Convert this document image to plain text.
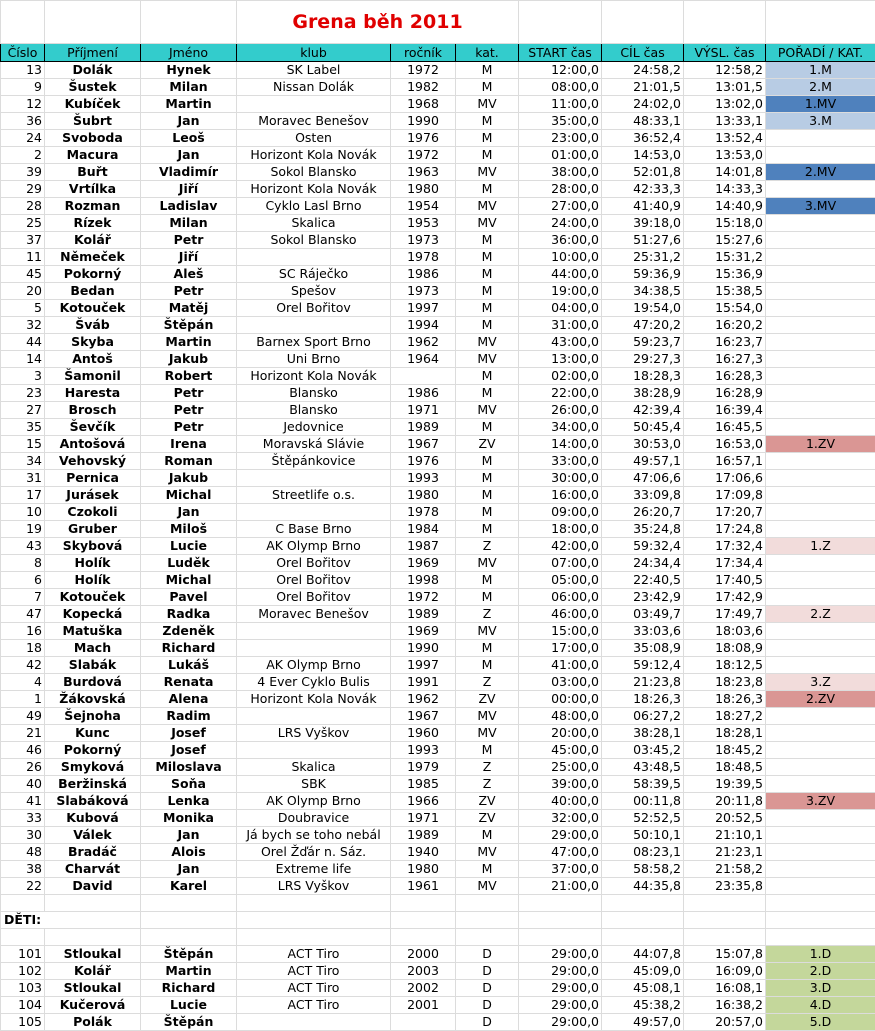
			Grena běh 2011						
Číslo	Příjmení	Jméno	klub	ročník	kat.	START čas	CÍL čas	VÝSL. čas	POŘADÍ / KAT.
13	Dolák	Hynek	SK Label	1972	M	12:00,0	24:58,2	12:58,2	1.M
9	Šustek	Milan	Nissan Dolák	1982	M	08:00,0	21:01,5	13:01,5	2.M
12	Kubíček	Martin		1968	MV	11:00,0	24:02,0	13:02,0	1.MV
36	Šubrt	Jan	Moravec Benešov	1990	M	35:00,0	48:33,1	13:33,1	3.M
24	Svoboda	Leoš	Osten	1976	M	23:00,0	36:52,4	13:52,4	
2	Macura	Jan	Horizont Kola Novák	1972	M	01:00,0	14:53,0	13:53,0	
39	Buřt	Vladimír	Sokol Blansko	1963	MV	38:00,0	52:01,8	14:01,8	2.MV
29	Vrtílka	Jiří	Horizont Kola Novák	1980	M	28:00,0	42:33,3	14:33,3	
28	Rozman	Ladislav	Cyklo Lasl Brno	1954	MV	27:00,0	41:40,9	14:40,9	3.MV
25	Rízek	Milan	Skalica	1953	MV	24:00,0	39:18,0	15:18,0	
37	Kolář	Petr	Sokol Blansko	1973	M	36:00,0	51:27,6	15:27,6	
11	Němeček	Jiří		1978	M	10:00,0	25:31,2	15:31,2	
45	Pokorný	Aleš	SC Ráječko	1986	M	44:00,0	59:36,9	15:36,9	
20	Bedan	Petr	Spešov	1973	M	19:00,0	34:38,5	15:38,5	
5	Kotouček	Matěj	Orel Bořitov	1997	M	04:00,0	19:54,0	15:54,0	
32	Šváb	Štěpán		1994	M	31:00,0	47:20,2	16:20,2	
44	Skyba	Martin	Barnex Sport Brno	1962	MV	43:00,0	59:23,7	16:23,7	
14	Antoš	Jakub	Uni Brno	1964	MV	13:00,0	29:27,3	16:27,3	
3	Šamonil	Robert	Horizont Kola Novák		M	02:00,0	18:28,3	16:28,3	
23	Haresta	Petr	Blansko	1986	M	22:00,0	38:28,9	16:28,9	
27	Brosch	Petr	Blansko	1971	MV	26:00,0	42:39,4	16:39,4	
35	Ševčík	Petr	Jedovnice	1989	M	34:00,0	50:45,4	16:45,5	
15	Antošová	Irena	Moravská Slávie	1967	ZV	14:00,0	30:53,0	16:53,0	1.ZV
34	Vehovský	Roman	Štěpánkovice	1976	M	33:00,0	49:57,1	16:57,1	
31	Pernica	Jakub		1993	M	30:00,0	47:06,6	17:06,6	
17	Jurásek	Michal	Streetlife o.s.	1980	M	16:00,0	33:09,8	17:09,8	
10	Czokoli	Jan		1978	M	09:00,0	26:20,7	17:20,7	
19	Gruber	Miloš	C Base Brno	1984	M	18:00,0	35:24,8	17:24,8	
43	Skybová	Lucie	AK Olymp Brno	1987	Z	42:00,0	59:32,4	17:32,4	1.Z
8	Holík	Luděk	Orel Bořitov	1969	MV	07:00,0	24:34,4	17:34,4	
6	Holík	Michal	Orel Bořitov	1998	M	05:00,0	22:40,5	17:40,5	
7	Kotouček	Pavel	Orel Bořitov	1972	M	06:00,0	23:42,9	17:42,9	
47	Kopecká	Radka	Moravec Benešov	1989	Z	46:00,0	03:49,7	17:49,7	2.Z
16	Matuška	Zdeněk		1969	MV	15:00,0	33:03,6	18:03,6	
18	Mach	Richard		1990	M	17:00,0	35:08,9	18:08,9	
42	Slabák	Lukáš	AK Olymp Brno	1997	M	41:00,0	59:12,4	18:12,5	
4	Burdová	Renata	4 Ever Cyklo Bulis	1991	Z	03:00,0	21:23,8	18:23,8	3.Z
1	Žákovská	Alena	Horizont Kola Novák	1962	ZV	00:00,0	18:26,3	18:26,3	2.ZV
49	Šejnoha	Radim		1967	MV	48:00,0	06:27,2	18:27,2	
21	Kunc	Josef	LRS Vyškov	1960	MV	20:00,0	38:28,1	18:28,1	
46	Pokorný	Josef		1993	M	45:00,0	03:45,2	18:45,2	
26	Smyková	Miloslava	Skalica	1979	Z	25:00,0	43:48,5	18:48,5	
40	Beržinská	Soňa	SBK	1985	Z	39:00,0	58:39,5	19:39,5	
41	Slabáková	Lenka	AK Olymp Brno	1966	ZV	40:00,0	00:11,8	20:11,8	3.ZV
33	Kubová	Monika	Doubravice	1971	ZV	32:00,0	52:52,5	20:52,5	
30	Válek	Jan	Já bych se toho nebál	1989	M	29:00,0	50:10,1	21:10,1	
48	Bradáč	Alois	Orel Žďár n. Sáz.	1940	MV	47:00,0	08:23,1	21:23,1	
38	Charvát	Jan	Extreme life	1980	M	37:00,0	58:58,2	21:58,2	
22	David	Karel	LRS Vyškov	1961	MV	21:00,0	44:35,8	23:35,8	

DĚTI:									

101	Stloukal	Štěpán	ACT Tiro	2000	D	29:00,0	44:07,8	15:07,8	1.D
102	Kolář	Martin	ACT Tiro	2003	D	29:00,0	45:09,0	16:09,0	2.D
103	Stloukal	Richard	ACT Tiro	2002	D	29:00,0	45:08,1	16:08,1	3.D
104	Kučerová	Lucie	ACT Tiro	2001	D	29:00,0	45:38,2	16:38,2	4.D
105	Polák	Štěpán			D	29:00,0	49:57,0	20:57,0	5.D
